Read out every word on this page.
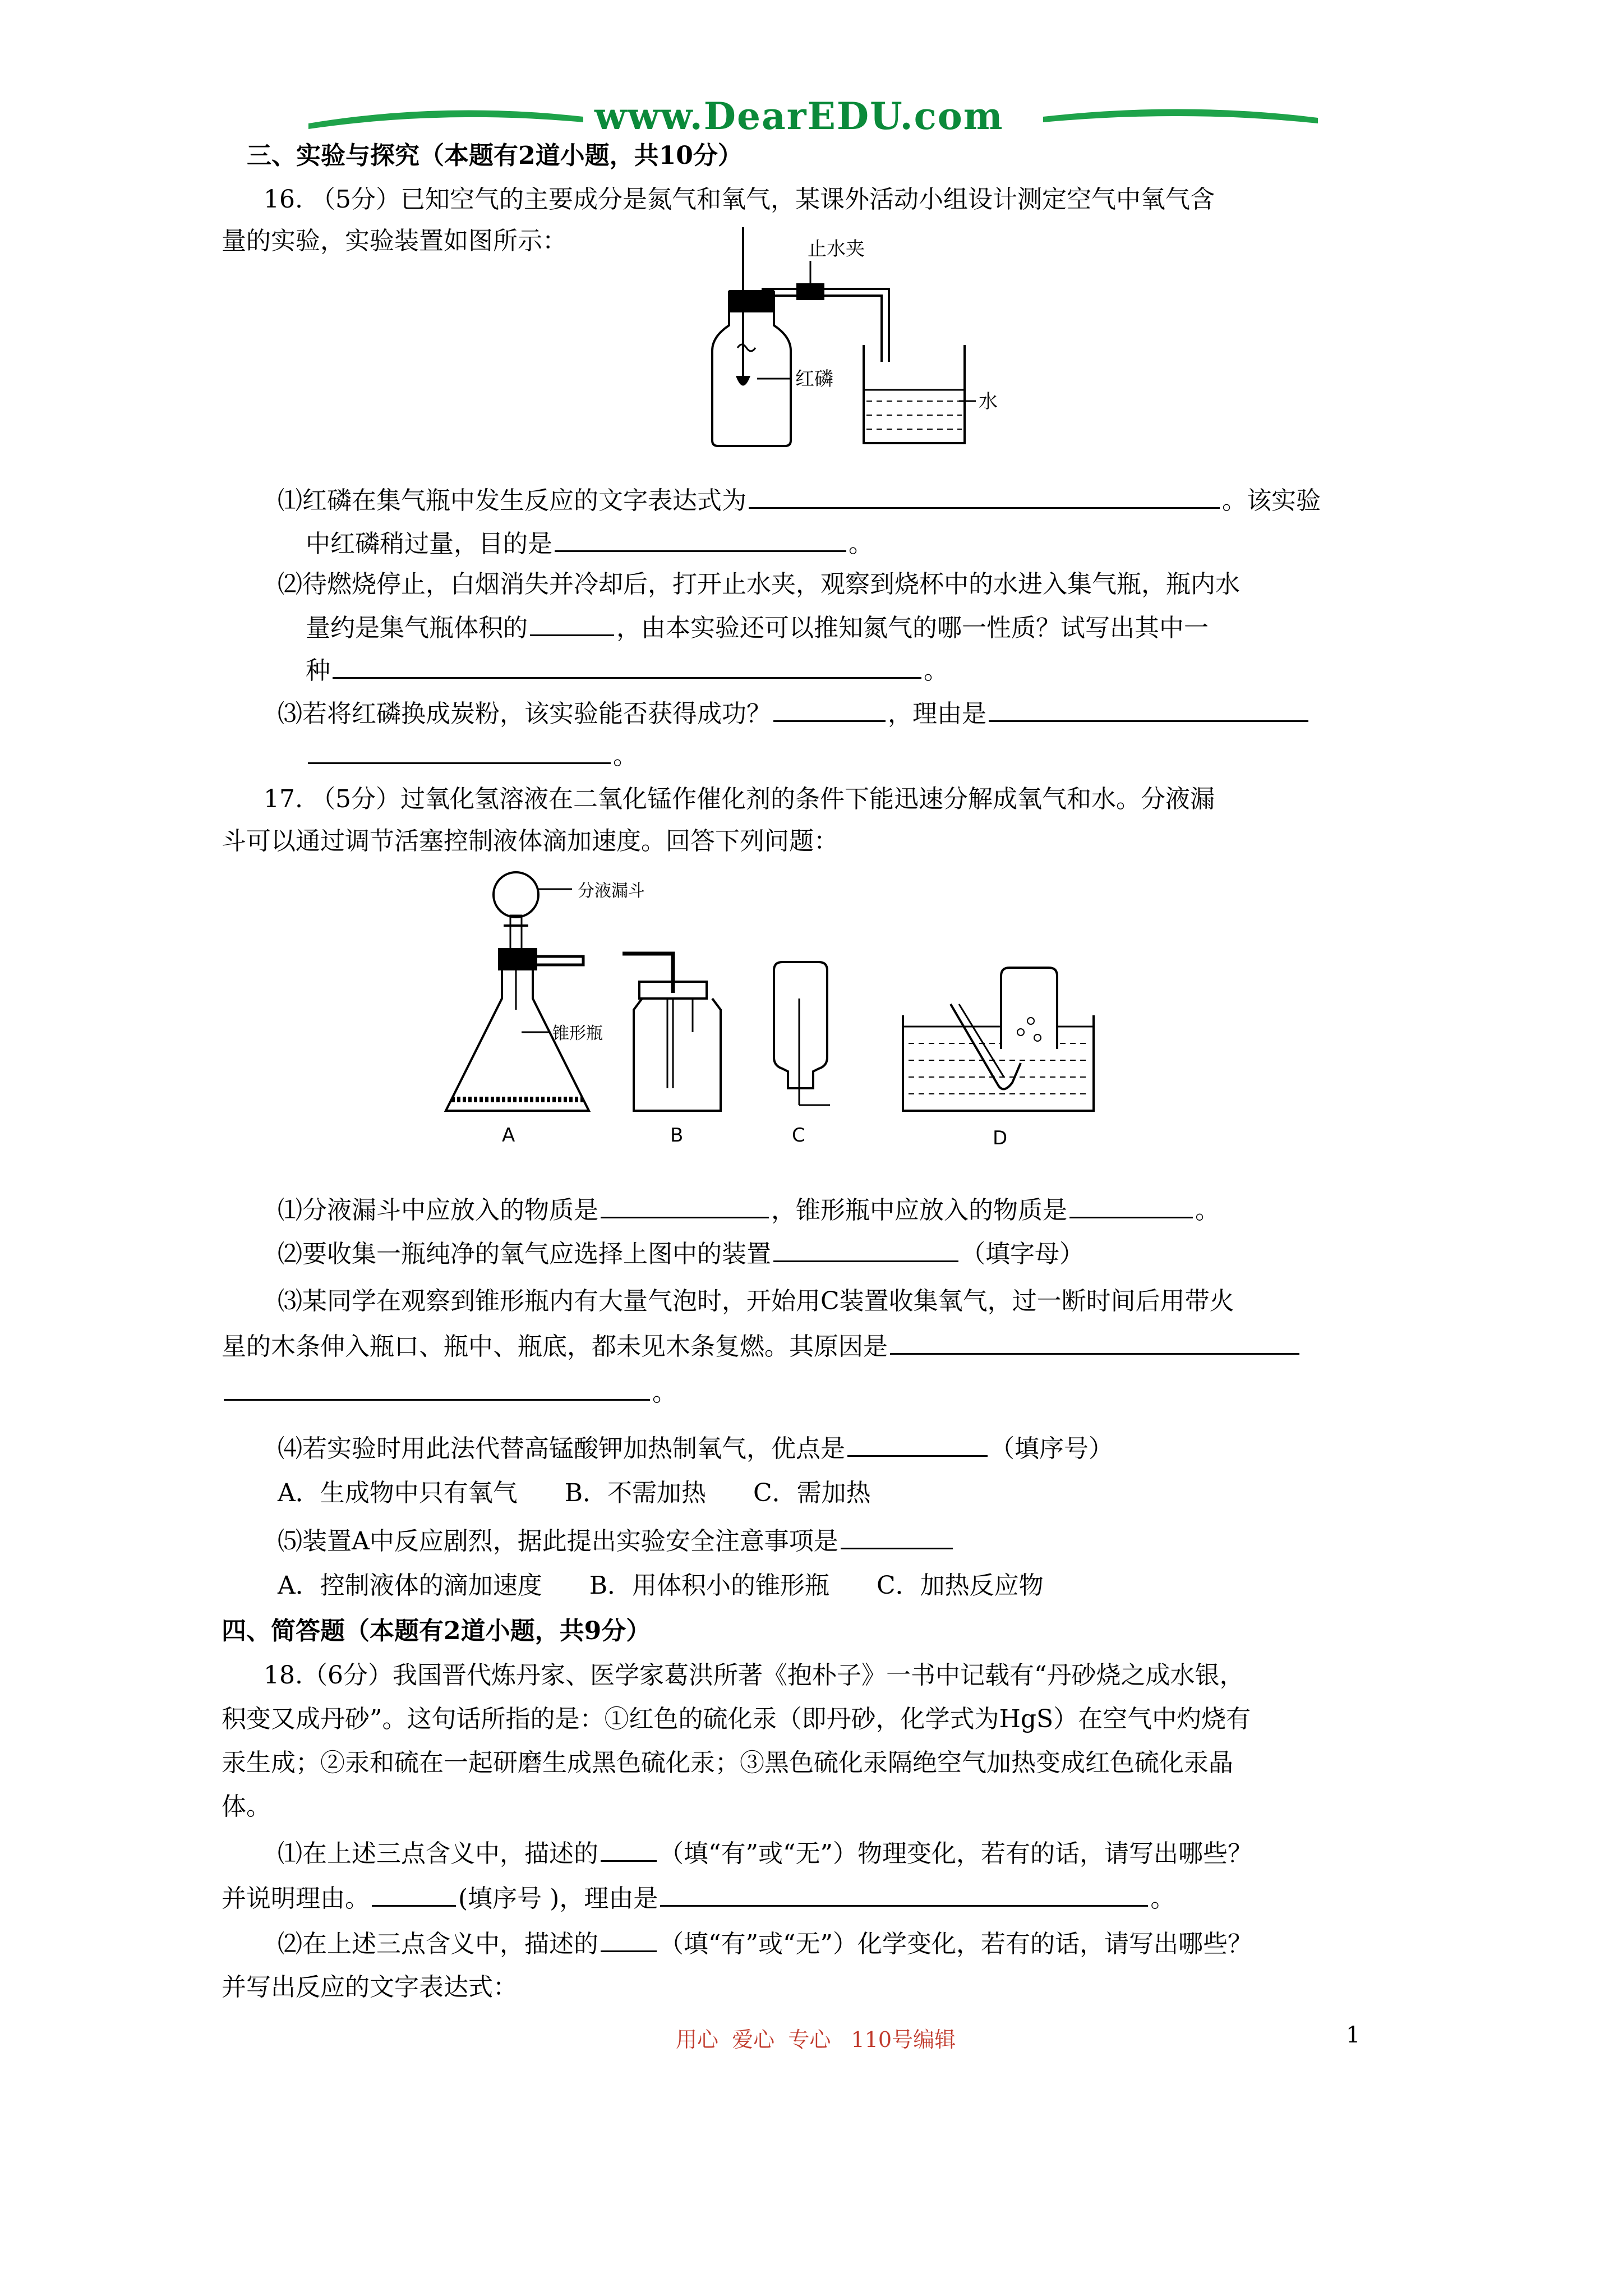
www.DearEDU.com
三、实验与探究（本题有2道小题，共10分）
16. （5分）已知空气的主要成分是氮气和氧气，某课外活动小组设计测定空气中氧气含
量的实验，实验装置如图所示：	止水夹
红磷
水
⑴红磷在集气瓶中发生反应的文字表达式为	。该实验
中红磷稍过量，目的是	。
⑵待燃烧停止，白烟消失并冷却后，打开止水夹，观察到烧杯中的水进入集气瓶，瓶内水
量约是集气瓶体积的	，由本实验还可以推知氮气的哪一性质？试写出其中一
种	。
⑶若将红磷换成炭粉，该实验能否获得成功？	，理由是
。
17. （5分）过氧化氢溶液在二氧化锰作催化剂的条件下能迅速分解成氧气和水。分液漏
斗可以通过调节活塞控制液体滴加速度。回答下列问题：
分液漏斗
锥形瓶
A	B	C	D
⑴分液漏斗中应放入的物质是	，锥形瓶中应放入的物质是	。
⑵要收集一瓶纯净的氧气应选择上图中的装置	（填字母）
⑶某同学在观察到锥形瓶内有大量气泡时，开始用C装置收集氧气，过一断时间后用带火
星的木条伸入瓶口、瓶中、瓶底，都未见木条复燃。其原因是
。
⑷若实验时用此法代替高锰酸钾加热制氧气，优点是	（填序号）
A．生成物中只有氧气      B．不需加热      C．需加热
⑸装置A中反应剧烈，据此提出实验安全注意事项是
A．控制液体的滴加速度      B．用体积小的锥形瓶      C．加热反应物
四、简答题（本题有2道小题，共9分）
18.（6分）我国晋代炼丹家、医学家葛洪所著《抱朴子》一书中记载有“丹砂烧之成水银，
积变又成丹砂”。这句话所指的是：①红色的硫化汞（即丹砂，化学式为HgS）在空气中灼烧有
汞生成；②汞和硫在一起研磨生成黑色硫化汞；③黑色硫化汞隔绝空气加热变成红色硫化汞晶
体。
⑴在上述三点含义中，描述的 （填“有”或“无”）物理变化，若有的话，请写出哪些？
并说明理由。	(填序号 )，理由是	。
⑵在上述三点含义中，描述的 （填“有”或“无”）化学变化，若有的话，请写出哪些？
并写出反应的文字表达式：
用心  爱心  专心   110号编辑	1
